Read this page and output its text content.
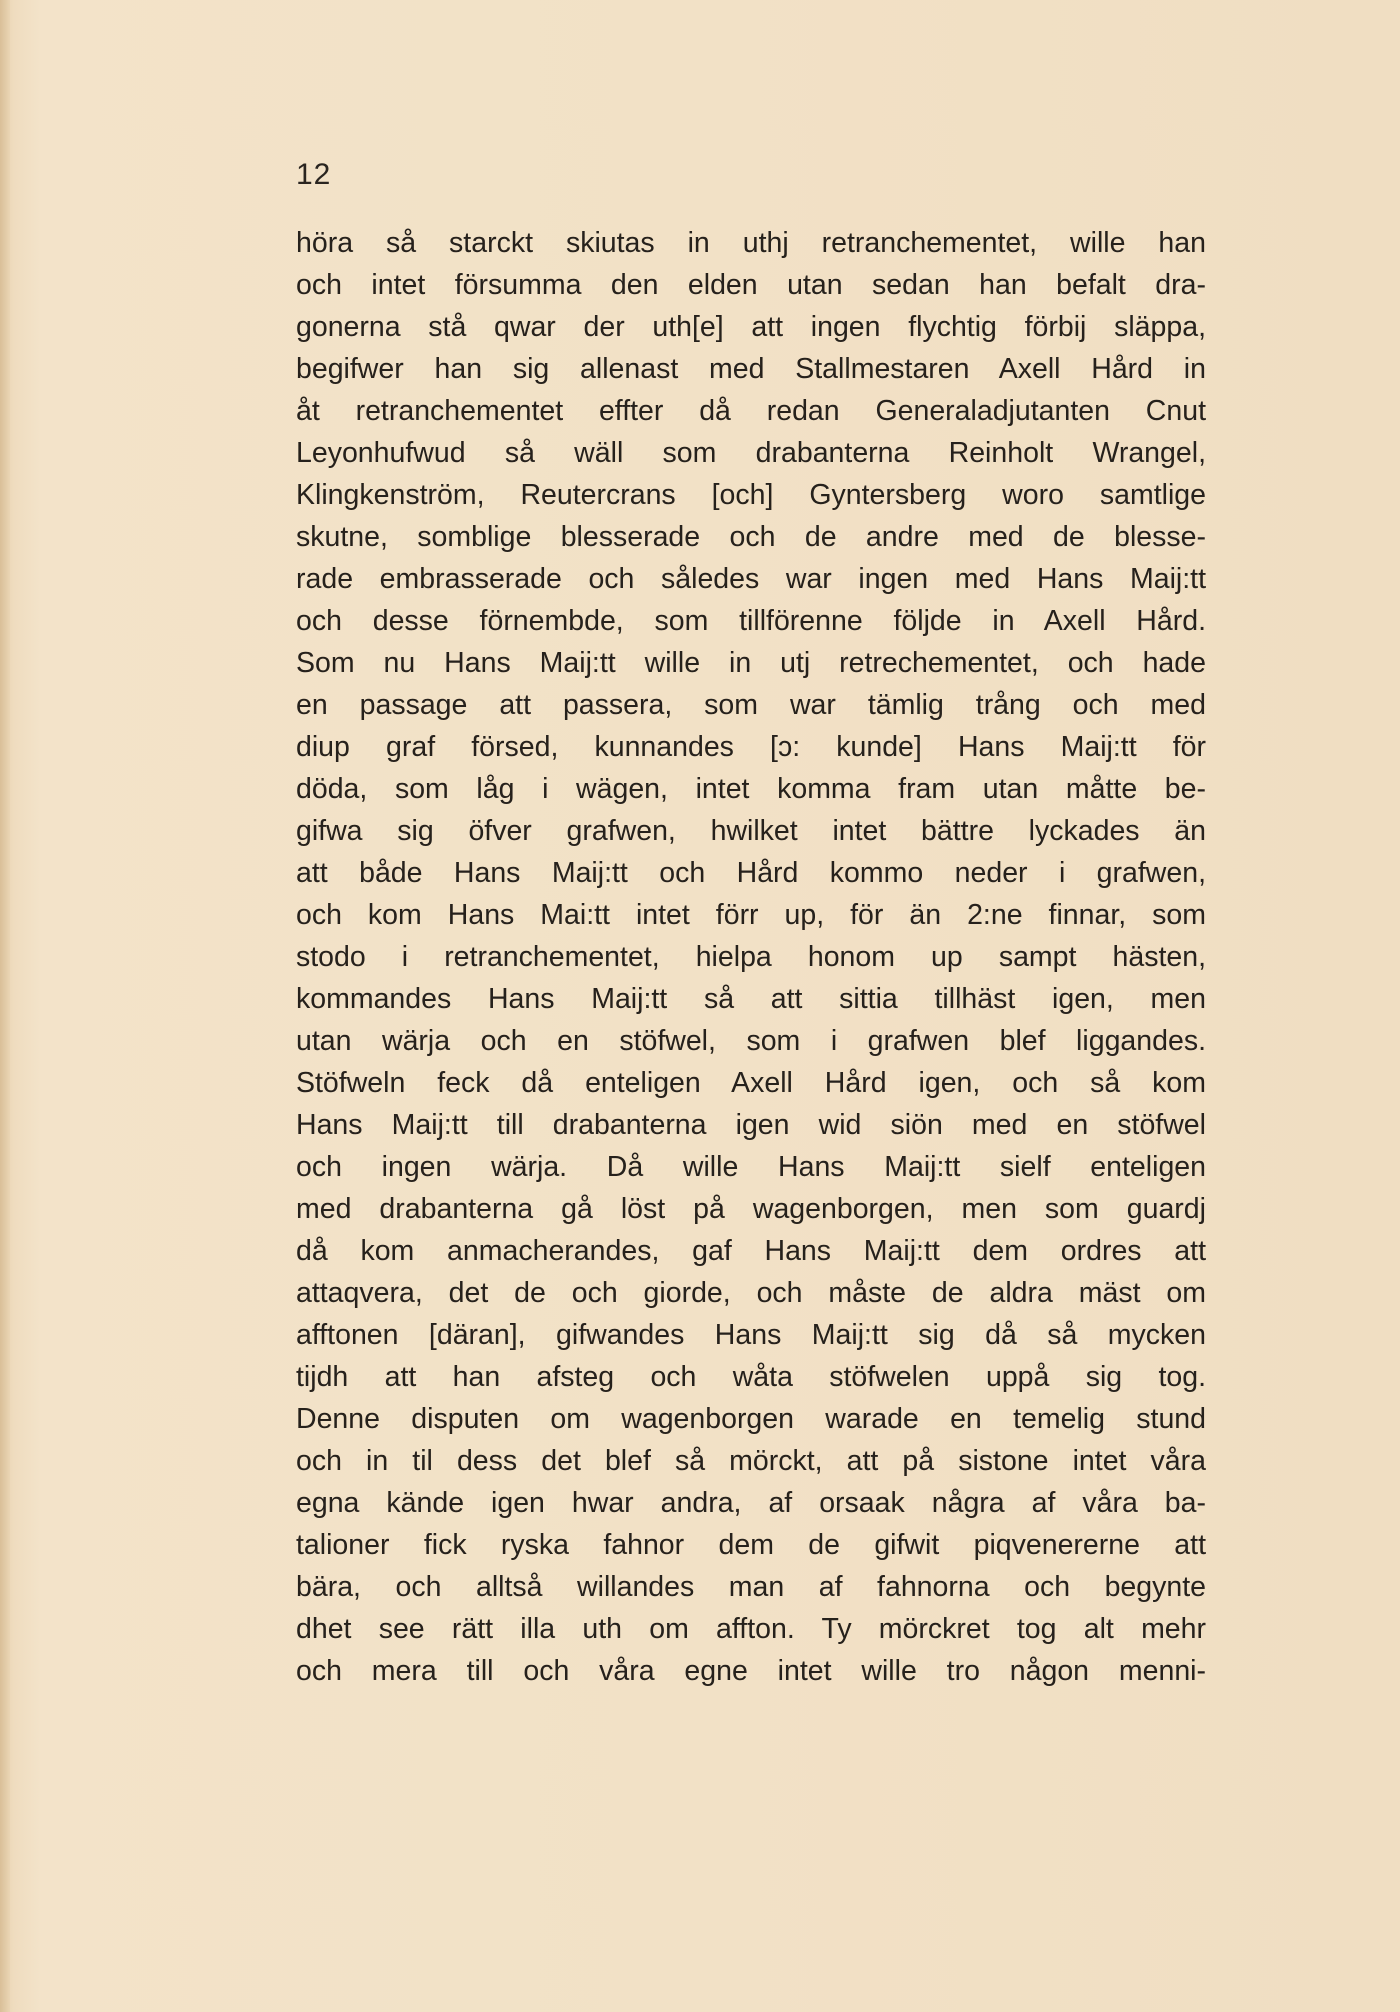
12
höra så starckt skiutas in uthj retranchementet, wille han
och intet försumma den elden utan sedan han befalt dra-
gonerna stå qwar der uth[e] att ingen flychtig förbij släppa,
begifwer han sig allenast med Stallmestaren Axell Hård in
åt retranchementet effter då redan Generaladjutanten Cnut
Leyonhufwud så wäll som drabanterna Reinholt Wrangel,
Klingkenström, Reutercrans [och] Gyntersberg woro samtlige
skutne, somblige blesserade och de andre med de blesse-
rade embrasserade och således war ingen med Hans Maij:tt
och desse förnembde, som tillförenne följde in Axell Hård.
Som nu Hans Maij:tt wille in utj retrechementet, och hade
en passage att passera, som war tämlig trång och med
diup graf försed, kunnandes [ɔ: kunde] Hans Maij:tt för
döda, som låg i wägen, intet komma fram utan måtte be-
gifwa sig öfver grafwen, hwilket intet bättre lyckades än
att både Hans Maij:tt och Hård kommo neder i grafwen,
och kom Hans Mai:tt intet förr up, för än 2:ne finnar, som
stodo i retranchementet, hielpa honom up sampt hästen,
kommandes Hans Maij:tt så att sittia tillhäst igen, men
utan wärja och en stöfwel, som i grafwen blef liggandes.
Stöfweln feck då enteligen Axell Hård igen, och så kom
Hans Maij:tt till drabanterna igen wid siön med en stöfwel
och ingen wärja. Då wille Hans Maij:tt sielf enteligen
med drabanterna gå löst på wagenborgen, men som guardj
då kom anmacherandes, gaf Hans Maij:tt dem ordres att
attaqvera, det de och giorde, och måste de aldra mäst om
afftonen [däran], gifwandes Hans Maij:tt sig då så mycken
tijdh att han afsteg och wåta stöfwelen uppå sig tog.
Denne disputen om wagenborgen warade en temelig stund
och in til dess det blef så mörckt, att på sistone intet våra
egna kände igen hwar andra, af orsaak några af våra ba-
talioner fick ryska fahnor dem de gifwit piqvenererne att
bära, och alltså willandes man af fahnorna och begynte
dhet see rätt illa uth om affton. Ty mörckret tog alt mehr
och mera till och våra egne intet wille tro någon menni-
